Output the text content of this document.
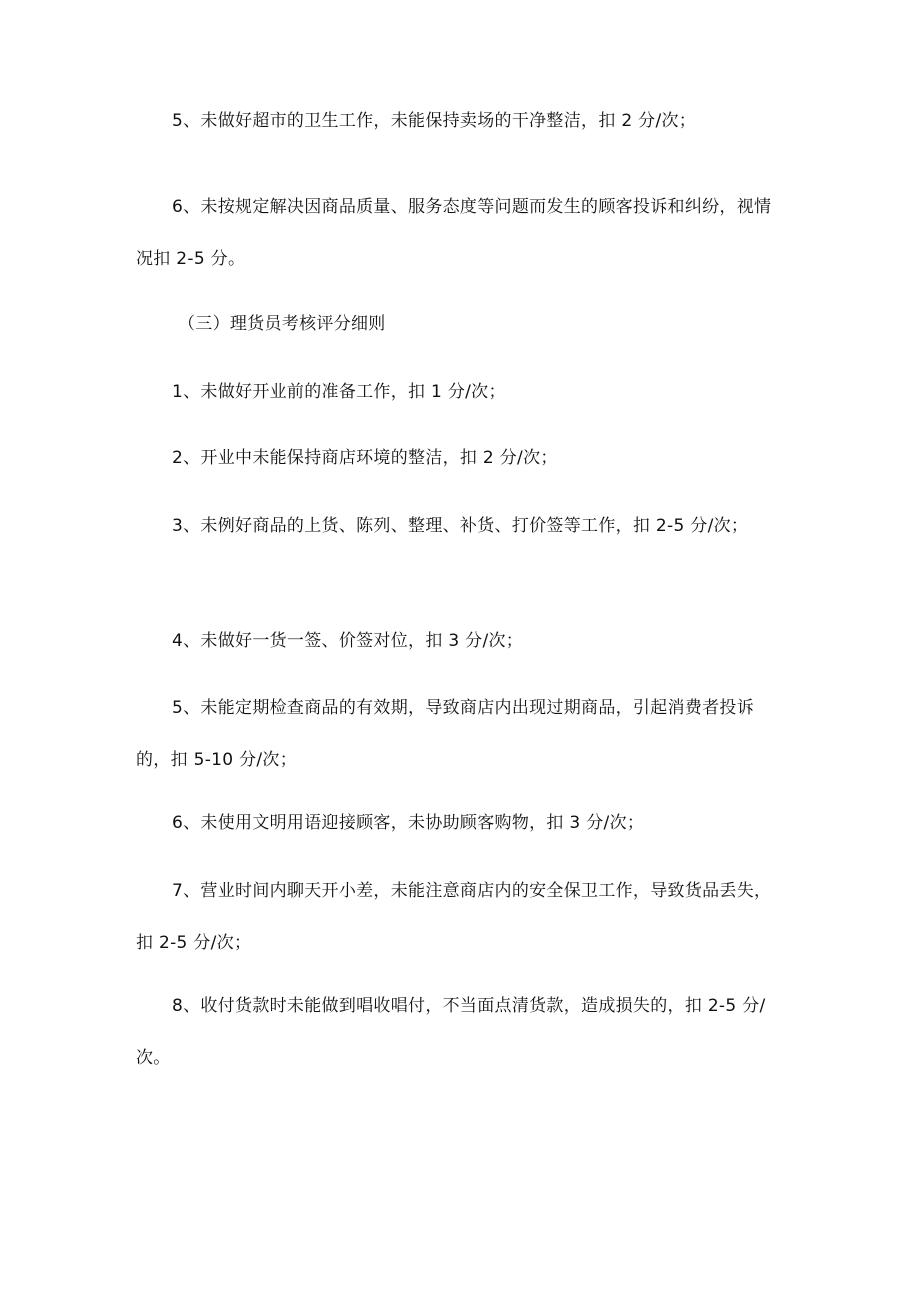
5、未做好超市的卫生工作，未能保持卖场的干净整洁，扣 2 分/次；

6、未按规定解决因商品质量、服务态度等问题而发生的顾客投诉和纠纷，视情况扣 2-5 分。

（三）理货员考核评分细则

1、未做好开业前的准备工作，扣 1 分/次；

2、开业中未能保持商店环境的整洁，扣 2 分/次；

3、未例好商品的上货、陈列、整理、补货、打价签等工作，扣 2-5 分/次；

4、未做好一货一签、价签对位，扣 3 分/次；

5、未能定期检查商品的有效期，导致商店内出现过期商品，引起消费者投诉的，扣 5-10 分/次；

6、未使用文明用语迎接顾客，未协助顾客购物，扣 3 分/次；

7、营业时间内聊天开小差，未能注意商店内的安全保卫工作，导致货品丢失，扣 2-5 分/次；

8、收付货款时未能做到唱收唱付，不当面点清货款，造成损失的，扣 2-5 分/次。
